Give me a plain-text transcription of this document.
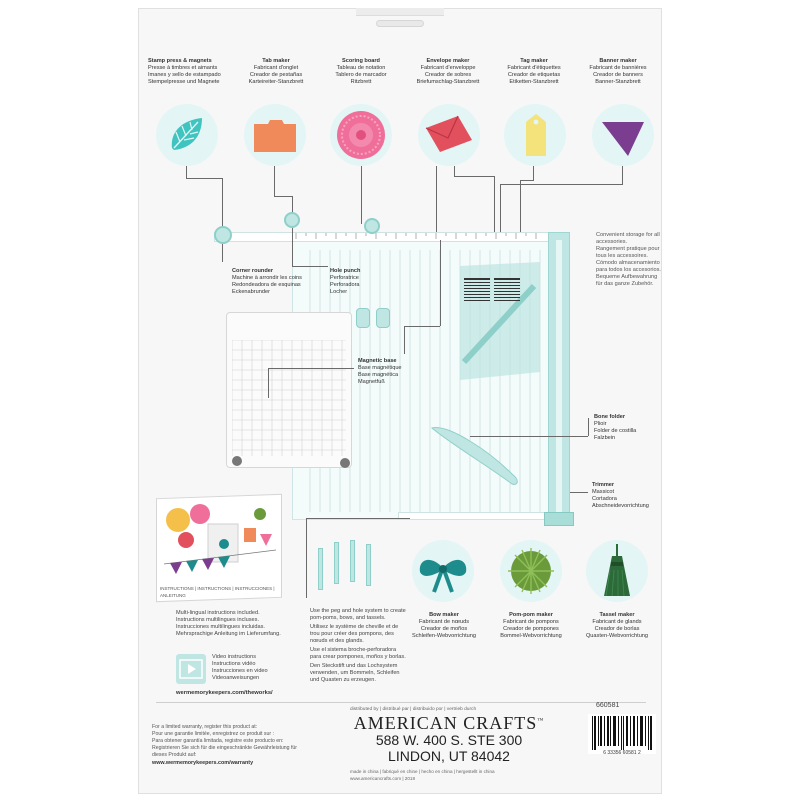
Stamp press & magnets
Presse à timbres et aimants
Imanes y sello de estampado
Stempelpresse und Magnete
Tab maker
Fabricant d'onglet
Creador de pestañas
Karteireiter-Stanzbrett
Scoring board
Tableau de notation
Tablero de marcador
Ritzbrett
Envelope maker
Fabricant d'enveloppe
Creador de sobres
Briefumschlag-Stanzbrett
Tag maker
Fabricant d'étiquettes
Creador de etiquetas
Etiketten-Stanzbrett
Banner maker
Fabricant de bannières
Creador de banners
Banner-Stanzbrett
Corner rounder
Machine à arrondir les coins
Redondeadora de esquinas
Eckenabrunder
Hole punch
Perforatrice
Perforadora
Locher
Magnetic base
Base magnétique
Base magnética
Magnetfuß
Convenient storage for all accessories.
Rangement pratique pour tous les accessoires.
Cómodo almacenamiento para todos los accesorios.
Bequeme Aufbewahrung für das ganze Zubehör.
Bone folder
Plioir
Folder de costilla
Falzbein
Trimmer
Massicot
Cortadora
Abschneidevorrichtung
INSTRUCTIONS | INSTRUCTIONS | INSTRUCCIONES | ANLEITUNG
Multi-lingual instructions included.
Instructions multilingues incluses.
Instrucciones multilingues incluidas.
Mehrsprachige Anleitung im Lieferumfang.
Video instructions
Instructions vidéo
Instrucciones en video
Videoanweisungen
wermemorykeepers.com/theworks/
Use the peg and hole system to create pom-poms, bows, and tassels.
Utilisez le système de cheville et de trou pour créer des pompons, des nœuds et des glands.
Use el sistema broche-perforadora para crear pompones, moños y borlas.
Den Steckstift und das Lochsystem verwenden, um Bommeln, Schleifen und Quasten zu erzeugen.
Bow maker
Fabricant de nœuds
Creador de moños
Schleifen-Webvorrichtung
Pom-pom maker
Fabricant de pompons
Creador de pompones
Bommel-Webvorrichtung
Tassel maker
Fabricant de glands
Creador de borlas
Quasten-Webvorrichtung
For a limited warranty, register this product at:
Pour une garantie limitée, enregistrez ce produit sur :
Para obtener garantía limitada, registre este producto en:
Registrieren Sie sich für die eingeschränkte Gewährleistung für dieses Produkt auf:
www.wermemorykeepers.com/warranty
distributed by | distribué par | distribuido por | vertrieb durch
AMERICAN CRAFTS™
588 W. 400 S. STE 300
LINDON, UT 84042
made in china | fabriqué en chine | hecho en china | hergestellt in china
www.americancrafts.com | 2018
660581
6 33356 60581 2
